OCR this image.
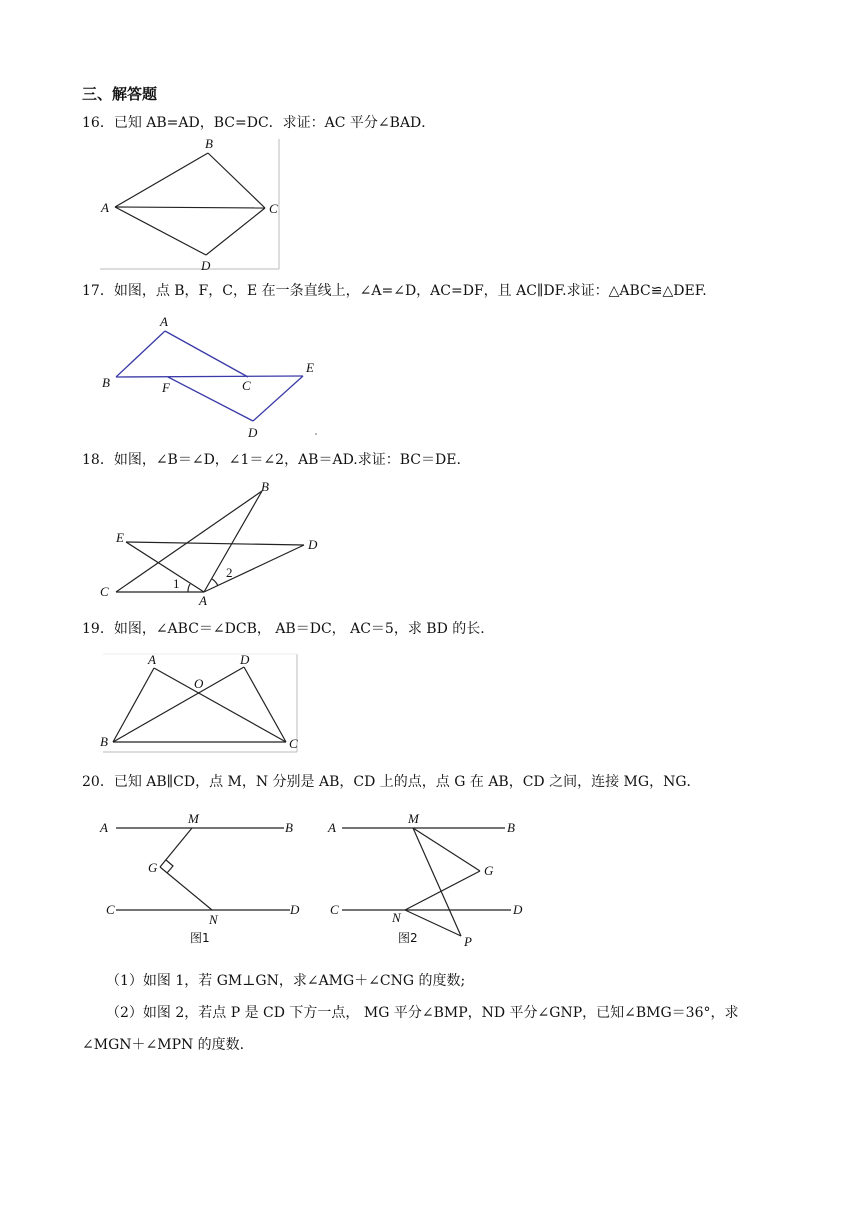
三、解答题
16．已知 AB=AD，BC=DC．求证：AC 平分∠BAD．
B
A	C
D
17．如图，点 B，F，C，E 在一条直线上，∠A=∠D，AC=DF，且 AC∥DF.求证：△ABC≌△DEF.
A
B	F	C
E
D
18．如图，∠B＝∠D，∠1＝∠2，AB＝AD.求证：BC＝DE.
B
E	D
C
A
1
2
19．如图，∠ABC＝∠DCB， AB＝DC， AC＝5，求 BD 的长.
A	D
O
B	C
20．已知 AB∥CD，点 M，N 分别是 AB，CD 上的点，点 G 在 AB，CD 之间，连接 MG，NG．
A
M
B
G
C
N
D
图1
A
M
B
G
C
N
D
P
图2
（1）如图 1，若 GM⊥GN，求∠AMG＋∠CNG 的度数;
（2）如图 2，若点 P 是 CD 下方一点， MG 平分∠BMP，ND 平分∠GNP，已知∠BMG＝36°，求
∠MGN＋∠MPN 的度数.
